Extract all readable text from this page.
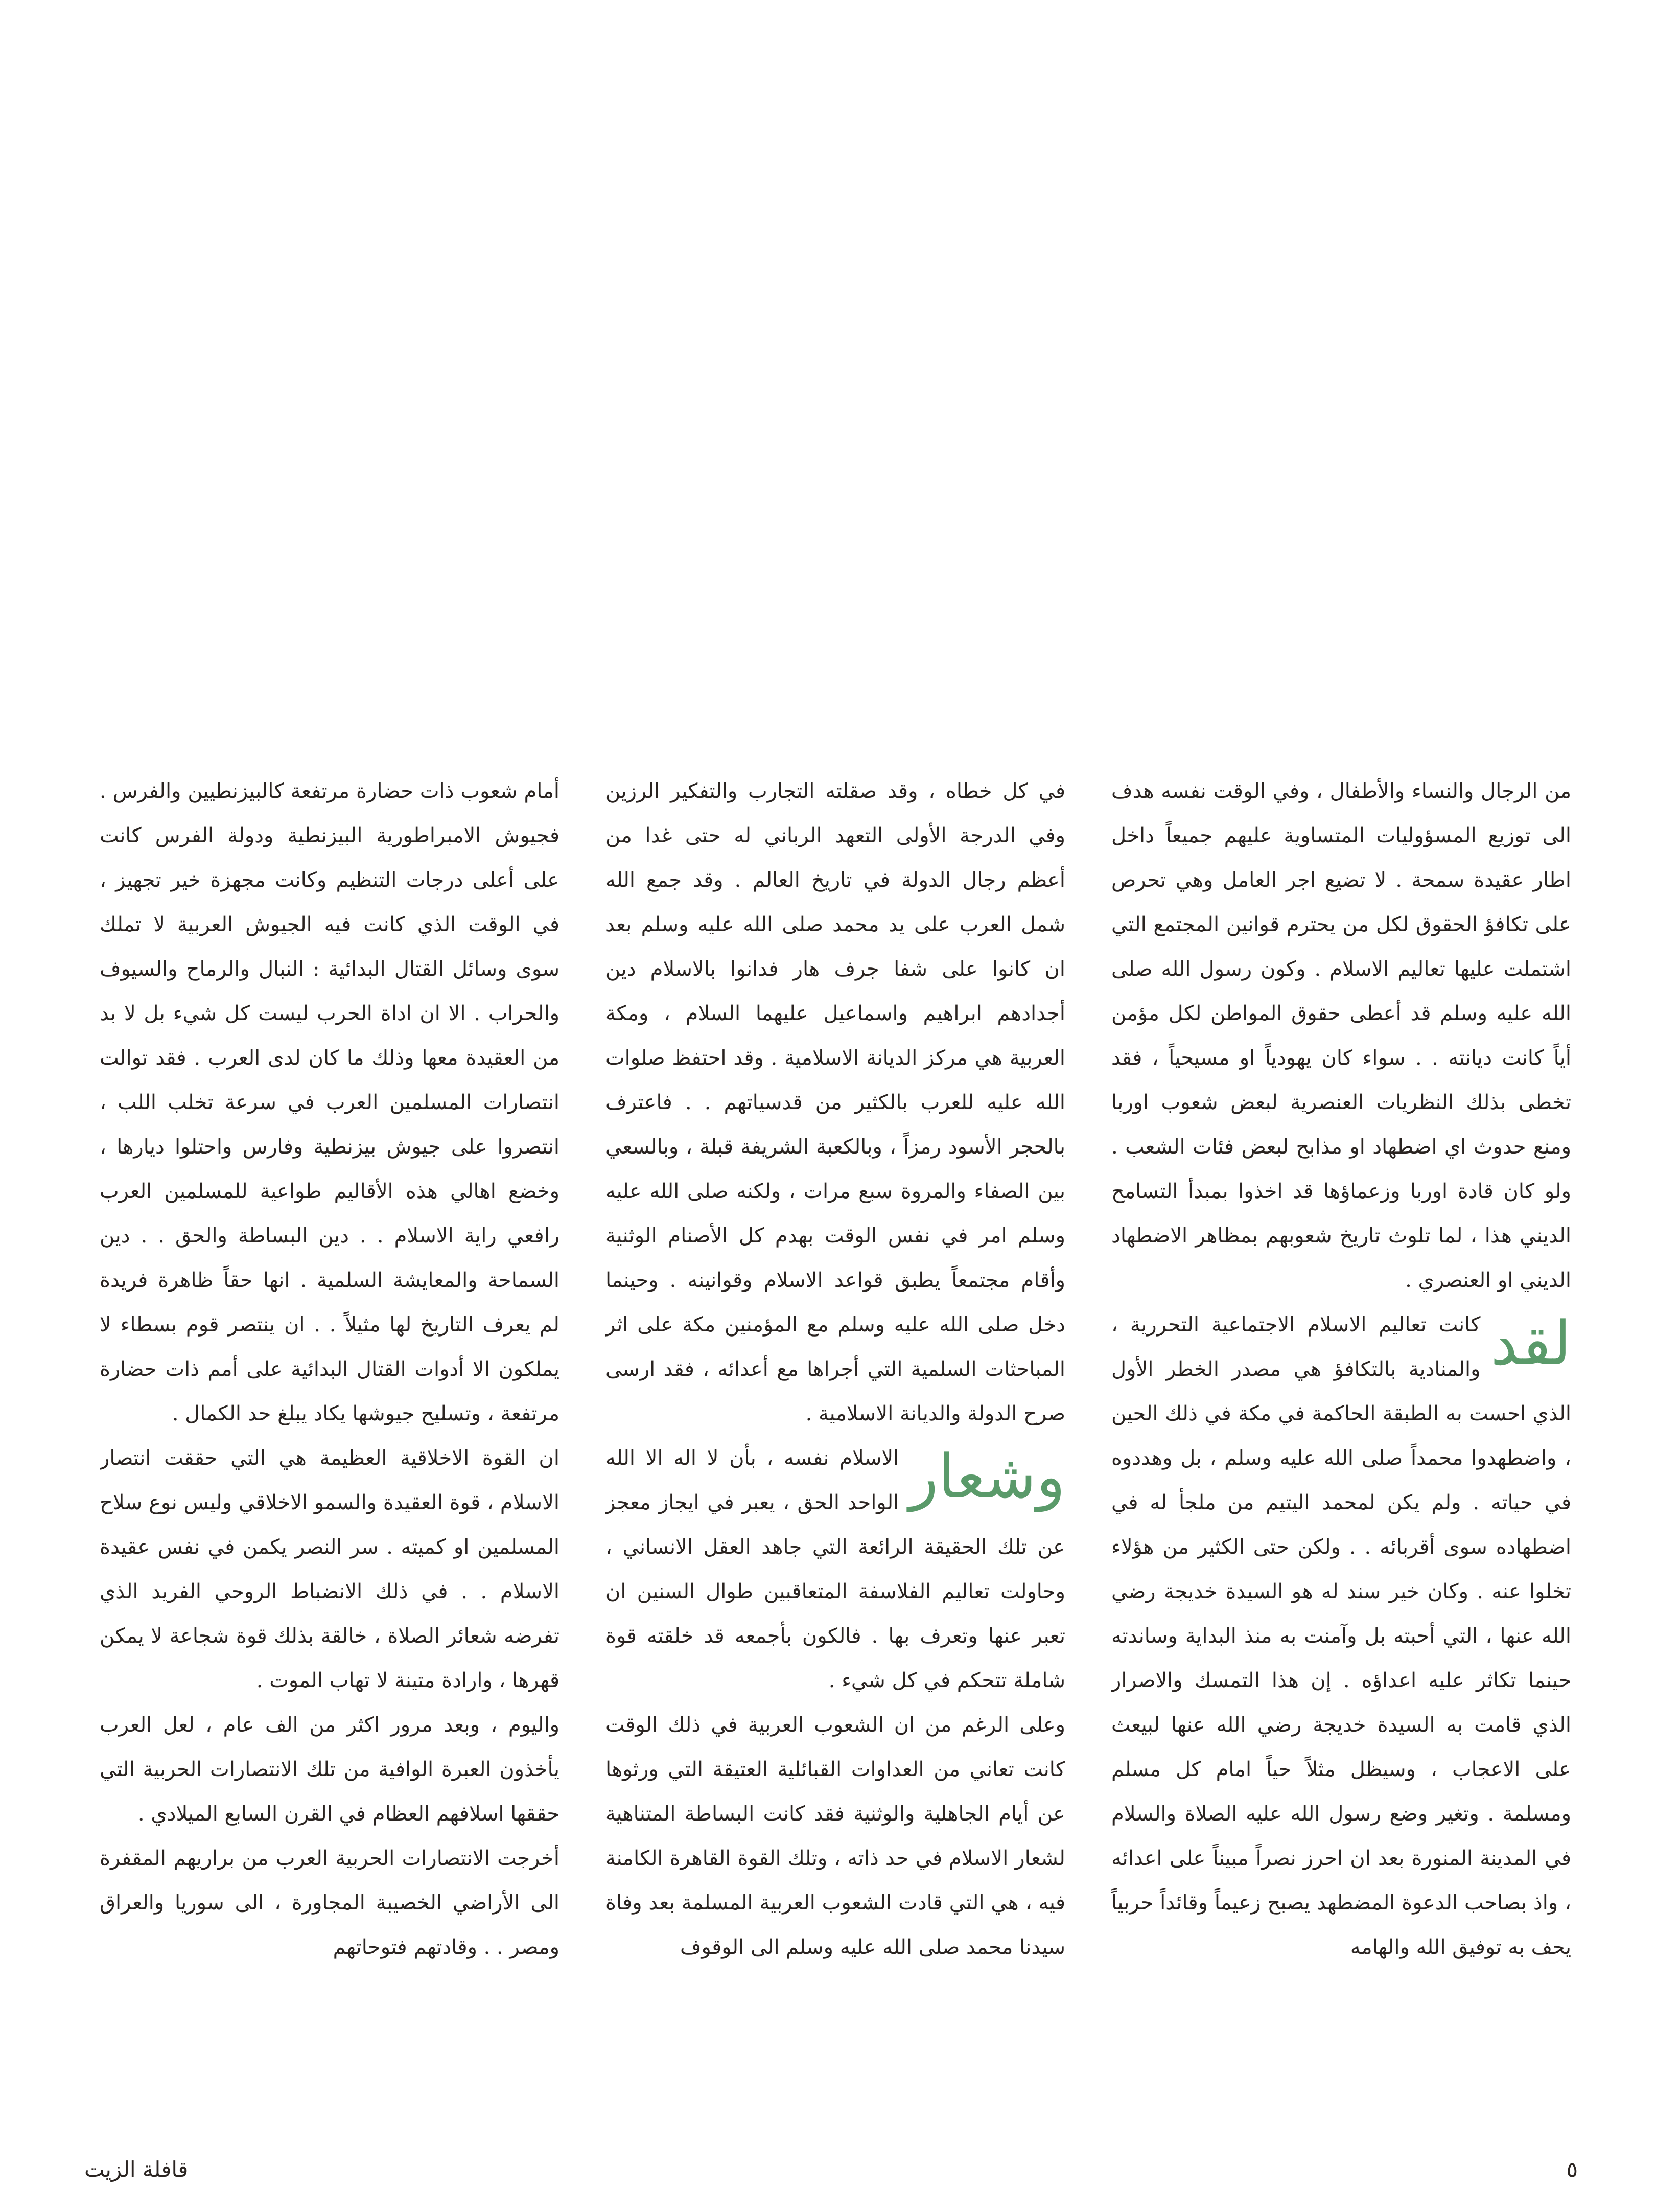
من الرجال والنساء والأطفال ، وفي الوقت نفسه هدف الى توزيع المسؤوليات المتساوية عليهم جميعاً داخل اطار عقيدة سمحة . لا تضيع اجر العامل وهي تحرص على تكافؤ الحقوق لكل من يحترم قوانين المجتمع التي اشتملت عليها تعاليم الاسلام . وكون رسول الله صلى الله عليه وسلم قد أعطى حقوق المواطن لكل مؤمن أياً كانت ديانته . . سواء كان يهودياً او مسيحياً ، فقد تخطى بذلك النظريات العنصرية لبعض شعوب اوربا ومنع حدوث اي اضطهاد او مذابح لبعض فئات الشعب . ولو كان قادة اوربا وزعماؤها قد اخذوا بمبدأ التسامح الديني هذا ، لما تلوث تاريخ شعوبهم بمظاهر الاضطهاد الديني او العنصري .

لقد
كانت تعاليم الاسلام الاجتماعية التحررية ، والمنادية بالتكافؤ هي مصدر الخطر الأول الذي احست به الطبقة الحاكمة في مكة في ذلك الحين ، واضطهدوا محمداً صلى الله عليه وسلم ، بل وهددوه في حياته . ولم يكن لمحمد اليتيم من ملجأ له في اضطهاده سوى أقربائه . . ولكن حتى الكثير من هؤلاء تخلوا عنه . وكان خير سند له هو السيدة خديجة رضي الله عنها ، التي أحبته بل وآمنت به منذ البداية وساندته حينما تكاثر عليه اعداؤه . إن هذا التمسك والاصرار الذي قامت به السيدة خديجة رضي الله عنها لبيعث على الاعجاب ، وسيظل مثلاً حياً امام كل مسلم ومسلمة . وتغير وضع رسول الله عليه الصلاة والسلام في المدينة المنورة بعد ان احرز نصراً مبيناً على اعدائه ، واذ بصاحب الدعوة المضطهد يصبح زعيماً وقائداً حربياً يحف به توفيق الله والهامه

في كل خطاه ، وقد صقلته التجارب والتفكير الرزين وفي الدرجة الأولى التعهد الرباني له حتى غدا من أعظم رجال الدولة في تاريخ العالم . وقد جمع الله شمل العرب على يد محمد صلى الله عليه وسلم بعد ان كانوا على شفا جرف هار فدانوا بالاسلام دين أجدادهم ابراهيم واسماعيل عليهما السلام ، ومكة العربية هي مركز الديانة الاسلامية . وقد احتفظ صلوات الله عليه للعرب بالكثير من قدسياتهم . . فاعترف بالحجر الأسود رمزاً ، وبالكعبة الشريفة قبلة ، وبالسعي بين الصفاء والمروة سبع مرات ، ولكنه صلى الله عليه وسلم امر في نفس الوقت بهدم كل الأصنام الوثنية وأقام مجتمعاً يطبق قواعد الاسلام وقوانينه . وحينما دخل صلى الله عليه وسلم مع المؤمنين مكة على اثر المباحثات السلمية التي أجراها مع أعدائه ، فقد ارسى صرح الدولة والديانة الاسلامية .

وشعار
الاسلام نفسه ، بأن لا اله الا الله الواحد الحق ، يعبر في ايجاز معجز عن تلك الحقيقة الرائعة التي جاهد العقل الانساني ، وحاولت تعاليم الفلاسفة المتعاقبين طوال السنين ان تعبر عنها وتعرف بها . فالكون بأجمعه قد خلقته قوة شاملة تتحكم في كل شيء .

وعلى الرغم من ان الشعوب العربية في ذلك الوقت كانت تعاني من العداوات القبائلية العتيقة التي ورثوها عن أيام الجاهلية والوثنية فقد كانت البساطة المتناهية لشعار الاسلام في حد ذاته ، وتلك القوة القاهرة الكامنة فيه ، هي التي قادت الشعوب العربية المسلمة بعد وفاة سيدنا محمد صلى الله عليه وسلم الى الوقوف

أمام شعوب ذات حضارة مرتفعة كالبيزنطيين والفرس . فجيوش الامبراطورية البيزنطية ودولة الفرس كانت على أعلى درجات التنظيم وكانت مجهزة خير تجهيز ، في الوقت الذي كانت فيه الجيوش العربية لا تملك سوى وسائل القتال البدائية : النبال والرماح والسيوف والحراب . الا ان اداة الحرب ليست كل شيء بل لا بد من العقيدة معها وذلك ما كان لدى العرب . فقد توالت انتصارات المسلمين العرب في سرعة تخلب اللب ، انتصروا على جيوش بيزنطية وفارس واحتلوا ديارها ، وخضع اهالي هذه الأقاليم طواعية للمسلمين العرب رافعي راية الاسلام . . دين البساطة والحق . . دين السماحة والمعايشة السلمية . انها حقاً ظاهرة فريدة لم يعرف التاريخ لها مثيلاً . . ان ينتصر قوم بسطاء لا يملكون الا أدوات القتال البدائية على أمم ذات حضارة مرتفعة ، وتسليح جيوشها يكاد يبلغ حد الكمال .

ان القوة الاخلاقية العظيمة هي التي حققت انتصار الاسلام ، قوة العقيدة والسمو الاخلاقي وليس نوع سلاح المسلمين او كميته . سر النصر يكمن في نفس عقيدة الاسلام . . في ذلك الانضباط الروحي الفريد الذي تفرضه شعائر الصلاة ، خالقة بذلك قوة شجاعة لا يمكن قهرها ، وارادة متينة لا تهاب الموت .

واليوم ، وبعد مرور اكثر من الف عام ، لعل العرب يأخذون العبرة الوافية من تلك الانتصارات الحربية التي حققها اسلافهم العظام في القرن السابع الميلادي .

أخرجت الانتصارات الحربية العرب من براريهم المقفرة الى الأراضي الخصيبة المجاورة ، الى سوريا والعراق ومصر . . وقادتهم فتوحاتهم

٥
قافلة الزيت
